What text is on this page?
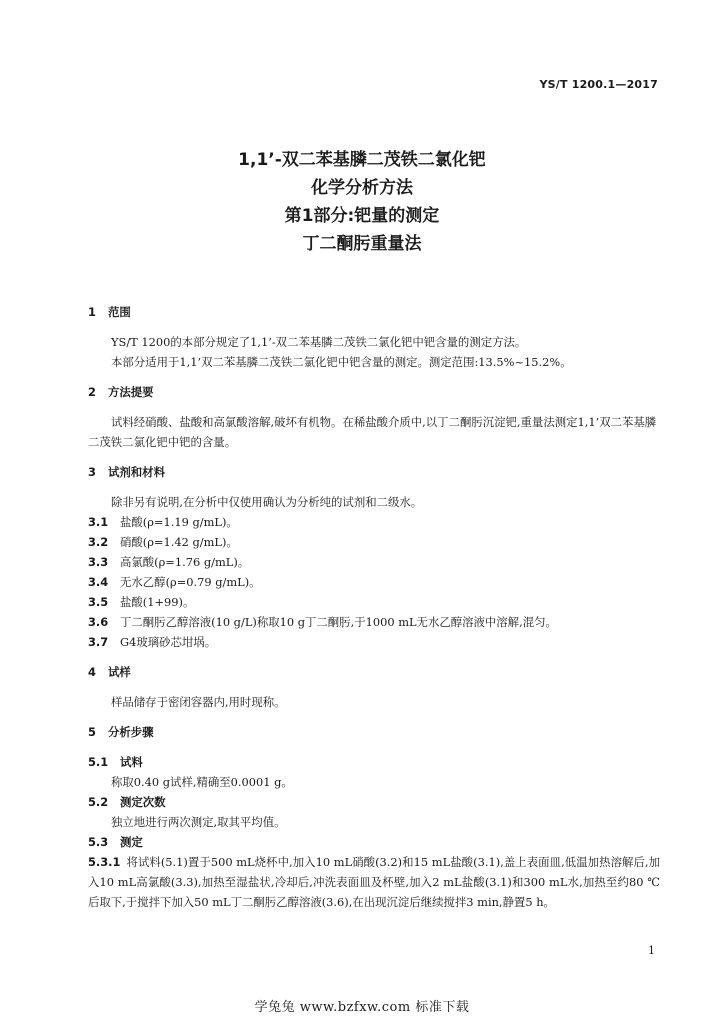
YS/T 1200.1—2017
1,1’-双二苯基膦二茂铁二氯化钯
化学分析方法
第1部分:钯量的测定
丁二酮肟重量法
1 范围
YS/T 1200的本部分规定了1,1’-双二苯基膦二茂铁二氯化钯中钯含量的测定方法。
本部分适用于1,1’双二苯基膦二茂铁二氯化钯中钯含量的测定。测定范围:13.5%~15.2%。
2 方法提要
试料经硝酸、盐酸和高氯酸溶解,破坏有机物。在稀盐酸介质中,以丁二酮肟沉淀钯,重量法测定1,1’双二苯基膦二茂铁二氯化钯中钯的含量。
3 试剂和材料
除非另有说明,在分析中仅使用确认为分析纯的试剂和二级水。
3.1 盐酸(ρ=1.19 g/mL)。
3.2 硝酸(ρ=1.42 g/mL)。
3.3 高氯酸(ρ=1.76 g/mL)。
3.4 无水乙醇(ρ=0.79 g/mL)。
3.5 盐酸(1+99)。
3.6 丁二酮肟乙醇溶液(10 g/L)称取10 g丁二酮肟,于1000 mL无水乙醇溶液中溶解,混匀。
3.7 G4玻璃砂芯坩埚。
4 试样
样品储存于密闭容器内,用时现称。
5 分析步骤
5.1 试料
称取0.40 g试样,精确至0.0001 g。
5.2 测定次数
独立地进行两次测定,取其平均值。
5.3 测定
5.3.1 将试料(5.1)置于500 mL烧杯中,加入10 mL硝酸(3.2)和15 mL盐酸(3.1),盖上表面皿,低温加热溶解后,加入10 mL高氯酸(3.3),加热至湿盐状,冷却后,冲洗表面皿及杯壁,加入2 mL盐酸(3.1)和300 mL水,加热至约80 ℃后取下,于搅拌下加入50 mL丁二酮肟乙醇溶液(3.6),在出现沉淀后继续搅拌3 min,静置5 h。
1
学兔兔 www.bzfxw.com 标准下载
